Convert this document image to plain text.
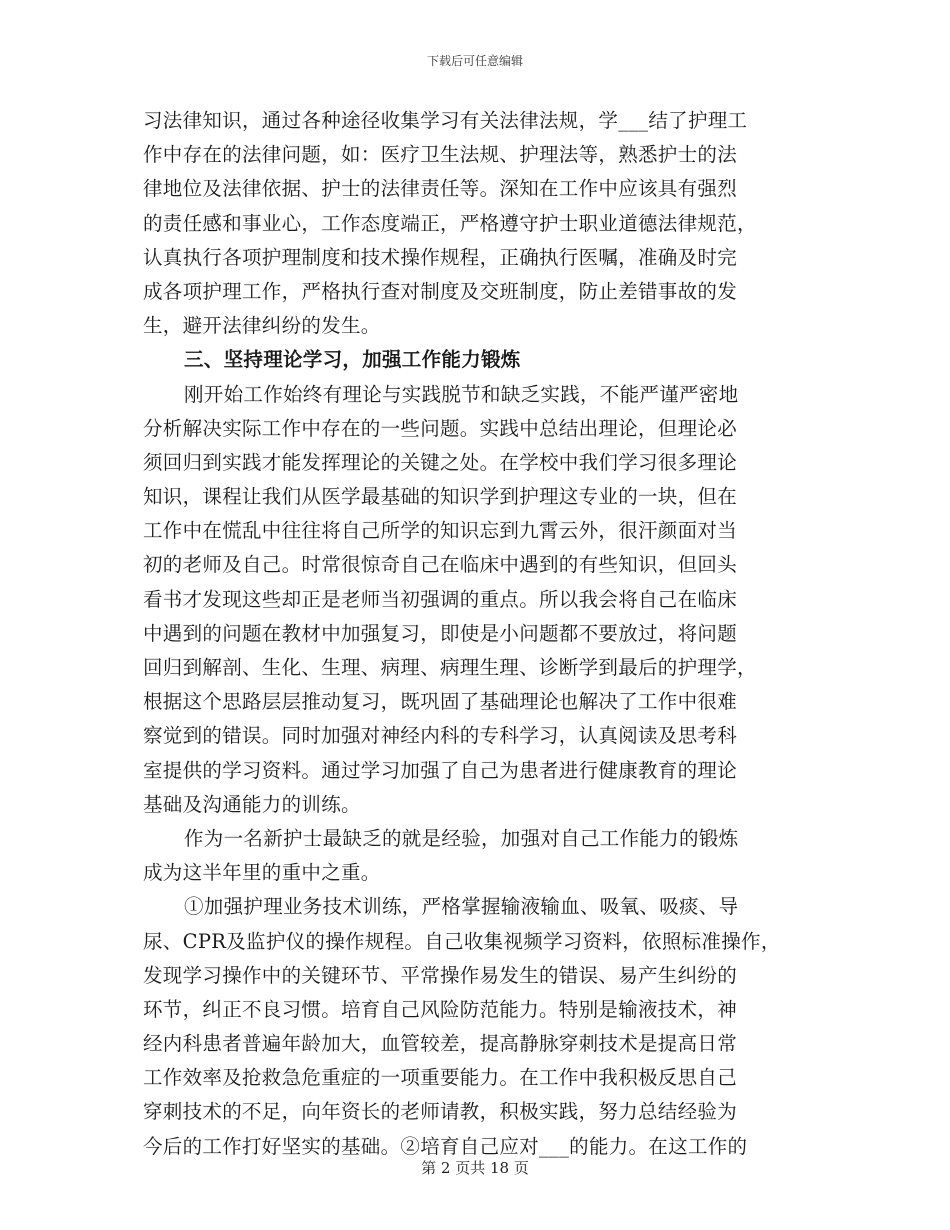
下载后可任意编辑
习法律知识，通过各种途径收集学习有关法律法规，学___结了护理工
作中存在的法律问题，如：医疗卫生法规、护理法等，熟悉护士的法
律地位及法律依据、护士的法律责任等。深知在工作中应该具有强烈
的责任感和事业心，工作态度端正，严格遵守护士职业道德法律规范，
认真执行各项护理制度和技术操作规程，正确执行医嘱，准确及时完
成各项护理工作，严格执行查对制度及交班制度，防止差错事故的发
生，避开法律纠纷的发生。
三、坚持理论学习，加强工作能力锻炼
刚开始工作始终有理论与实践脱节和缺乏实践，不能严谨严密地
分析解决实际工作中存在的一些问题。实践中总结出理论，但理论必
须回归到实践才能发挥理论的关键之处。在学校中我们学习很多理论
知识，课程让我们从医学最基础的知识学到护理这专业的一块，但在
工作中在慌乱中往往将自己所学的知识忘到九霄云外，很汗颜面对当
初的老师及自己。时常很惊奇自己在临床中遇到的有些知识，但回头
看书才发现这些却正是老师当初强调的重点。所以我会将自己在临床
中遇到的问题在教材中加强复习，即使是小问题都不要放过，将问题
回归到解剖、生化、生理、病理、病理生理、诊断学到最后的护理学，
根据这个思路层层推动复习，既巩固了基础理论也解决了工作中很难
察觉到的错误。同时加强对神经内科的专科学习，认真阅读及思考科
室提供的学习资料。通过学习加强了自己为患者进行健康教育的理论
基础及沟通能力的训练。
作为一名新护士最缺乏的就是经验，加强对自己工作能力的锻炼
成为这半年里的重中之重。
①加强护理业务技术训练，严格掌握输液输血、吸氧、吸痰、导
尿、CPR及监护仪的操作规程。自己收集视频学习资料，依照标准操作，
发现学习操作中的关键环节、平常操作易发生的错误、易产生纠纷的
环节，纠正不良习惯。培育自己风险防范能力。特别是输液技术，神
经内科患者普遍年龄加大，血管较差，提高静脉穿刺技术是提高日常
工作效率及抢救急危重症的一项重要能力。在工作中我积极反思自己
穿刺技术的不足，向年资长的老师请教，积极实践，努力总结经验为
今后的工作打好坚实的基础。②培育自己应对___的能力。在这工作的
第 2 页共 18 页
